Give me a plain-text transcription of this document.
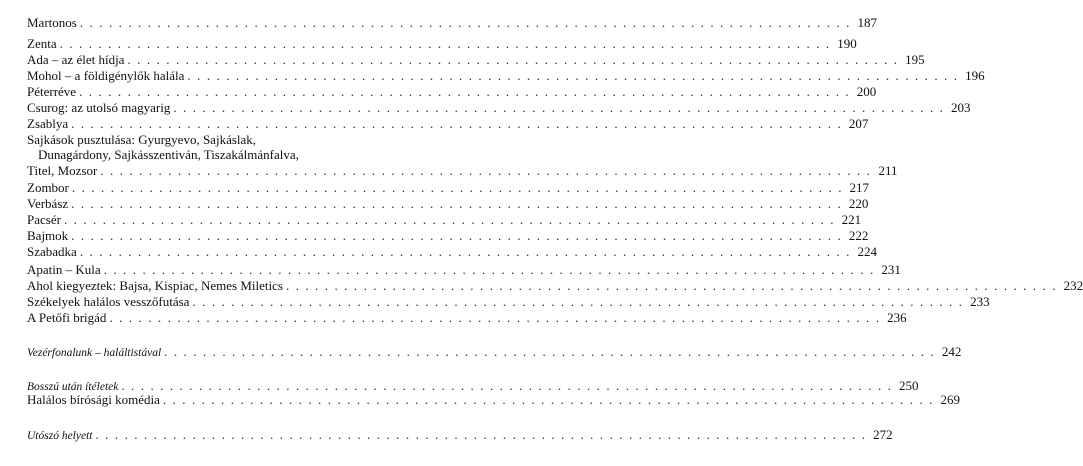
Martonos . . . . . . . . . . . . . . . . . . . . . . . . . . . . . . . . . . . . . . . . . . . . . . . . . . . . . . . . . . . . . . . . . . . . . . . . . . . . . . . . 187
Zenta . . . . . . . . . . . . . . . . . . . . . . . . . . . . . . . . . . . . . . . . . . . . . . . . . . . . . . . . . . . . . . . . . . . . . . . . . . . . . . . . 190
Ada – az élet hídja . . . . . . . . . . . . . . . . . . . . . . . . . . . . . . . . . . . . . . . . . . . . . . . . . . . . . . . . . . . . . . . . . . . . . . . . . . . . . . . . 195
Mohol – a földigénylők halála . . . . . . . . . . . . . . . . . . . . . . . . . . . . . . . . . . . . . . . . . . . . . . . . . . . . . . . . . . . . . . . . . . . . . . . . . . . . . . . . 196
Péterréve . . . . . . . . . . . . . . . . . . . . . . . . . . . . . . . . . . . . . . . . . . . . . . . . . . . . . . . . . . . . . . . . . . . . . . . . . . . . . . . . 200
Csurog: az utolsó magyarig . . . . . . . . . . . . . . . . . . . . . . . . . . . . . . . . . . . . . . . . . . . . . . . . . . . . . . . . . . . . . . . . . . . . . . . . . . . . . . . . 203
Zsablya . . . . . . . . . . . . . . . . . . . . . . . . . . . . . . . . . . . . . . . . . . . . . . . . . . . . . . . . . . . . . . . . . . . . . . . . . . . . . . . . 207
Sajkások pusztulása: Gyurgyevo, Sajkáslak,
Dunagárdony, Sajkásszentiván, Tiszakálmánfalva,
Titel, Mozsor . . . . . . . . . . . . . . . . . . . . . . . . . . . . . . . . . . . . . . . . . . . . . . . . . . . . . . . . . . . . . . . . . . . . . . . . . . . . . . . . 211
Zombor . . . . . . . . . . . . . . . . . . . . . . . . . . . . . . . . . . . . . . . . . . . . . . . . . . . . . . . . . . . . . . . . . . . . . . . . . . . . . . . . 217
Verbász . . . . . . . . . . . . . . . . . . . . . . . . . . . . . . . . . . . . . . . . . . . . . . . . . . . . . . . . . . . . . . . . . . . . . . . . . . . . . . . . 220
Pacsér . . . . . . . . . . . . . . . . . . . . . . . . . . . . . . . . . . . . . . . . . . . . . . . . . . . . . . . . . . . . . . . . . . . . . . . . . . . . . . . . 221
Bajmok . . . . . . . . . . . . . . . . . . . . . . . . . . . . . . . . . . . . . . . . . . . . . . . . . . . . . . . . . . . . . . . . . . . . . . . . . . . . . . . . 222
Szabadka . . . . . . . . . . . . . . . . . . . . . . . . . . . . . . . . . . . . . . . . . . . . . . . . . . . . . . . . . . . . . . . . . . . . . . . . . . . . . . . . 224
Apatin – Kula . . . . . . . . . . . . . . . . . . . . . . . . . . . . . . . . . . . . . . . . . . . . . . . . . . . . . . . . . . . . . . . . . . . . . . . . . . . . . . . . 231
Ahol kiegyeztek: Bajsa, Kispiac, Nemes Miletics . . . . . . . . . . . . . . . . . . . . . . . . . . . . . . . . . . . . . . . . . . . . . . . . . . . . . . . . . . . . . . . . . . . . . . . . . . . . . . . . 232
Székelyek halálos vesszőfutása . . . . . . . . . . . . . . . . . . . . . . . . . . . . . . . . . . . . . . . . . . . . . . . . . . . . . . . . . . . . . . . . . . . . . . . . . . . . . . . . 233
A Petőfi brigád . . . . . . . . . . . . . . . . . . . . . . . . . . . . . . . . . . . . . . . . . . . . . . . . . . . . . . . . . . . . . . . . . . . . . . . . . . . . . . . . 236
Vezérfonalunk – haláltistával . . . . . . . . . . . . . . . . . . . . . . . . . . . . . . . . . . . . . . . . . . . . . . . . . . . . . . . . . . . . . . . . . . . . . . . . . . . . . . . . 242
Bosszú után ítéletek . . . . . . . . . . . . . . . . . . . . . . . . . . . . . . . . . . . . . . . . . . . . . . . . . . . . . . . . . . . . . . . . . . . . . . . . . . . . . . . . 250
Halálos bírósági komédia . . . . . . . . . . . . . . . . . . . . . . . . . . . . . . . . . . . . . . . . . . . . . . . . . . . . . . . . . . . . . . . . . . . . . . . . . . . . . . . . 269
Utószó helyett . . . . . . . . . . . . . . . . . . . . . . . . . . . . . . . . . . . . . . . . . . . . . . . . . . . . . . . . . . . . . . . . . . . . . . . . . . . . . . . . 272
